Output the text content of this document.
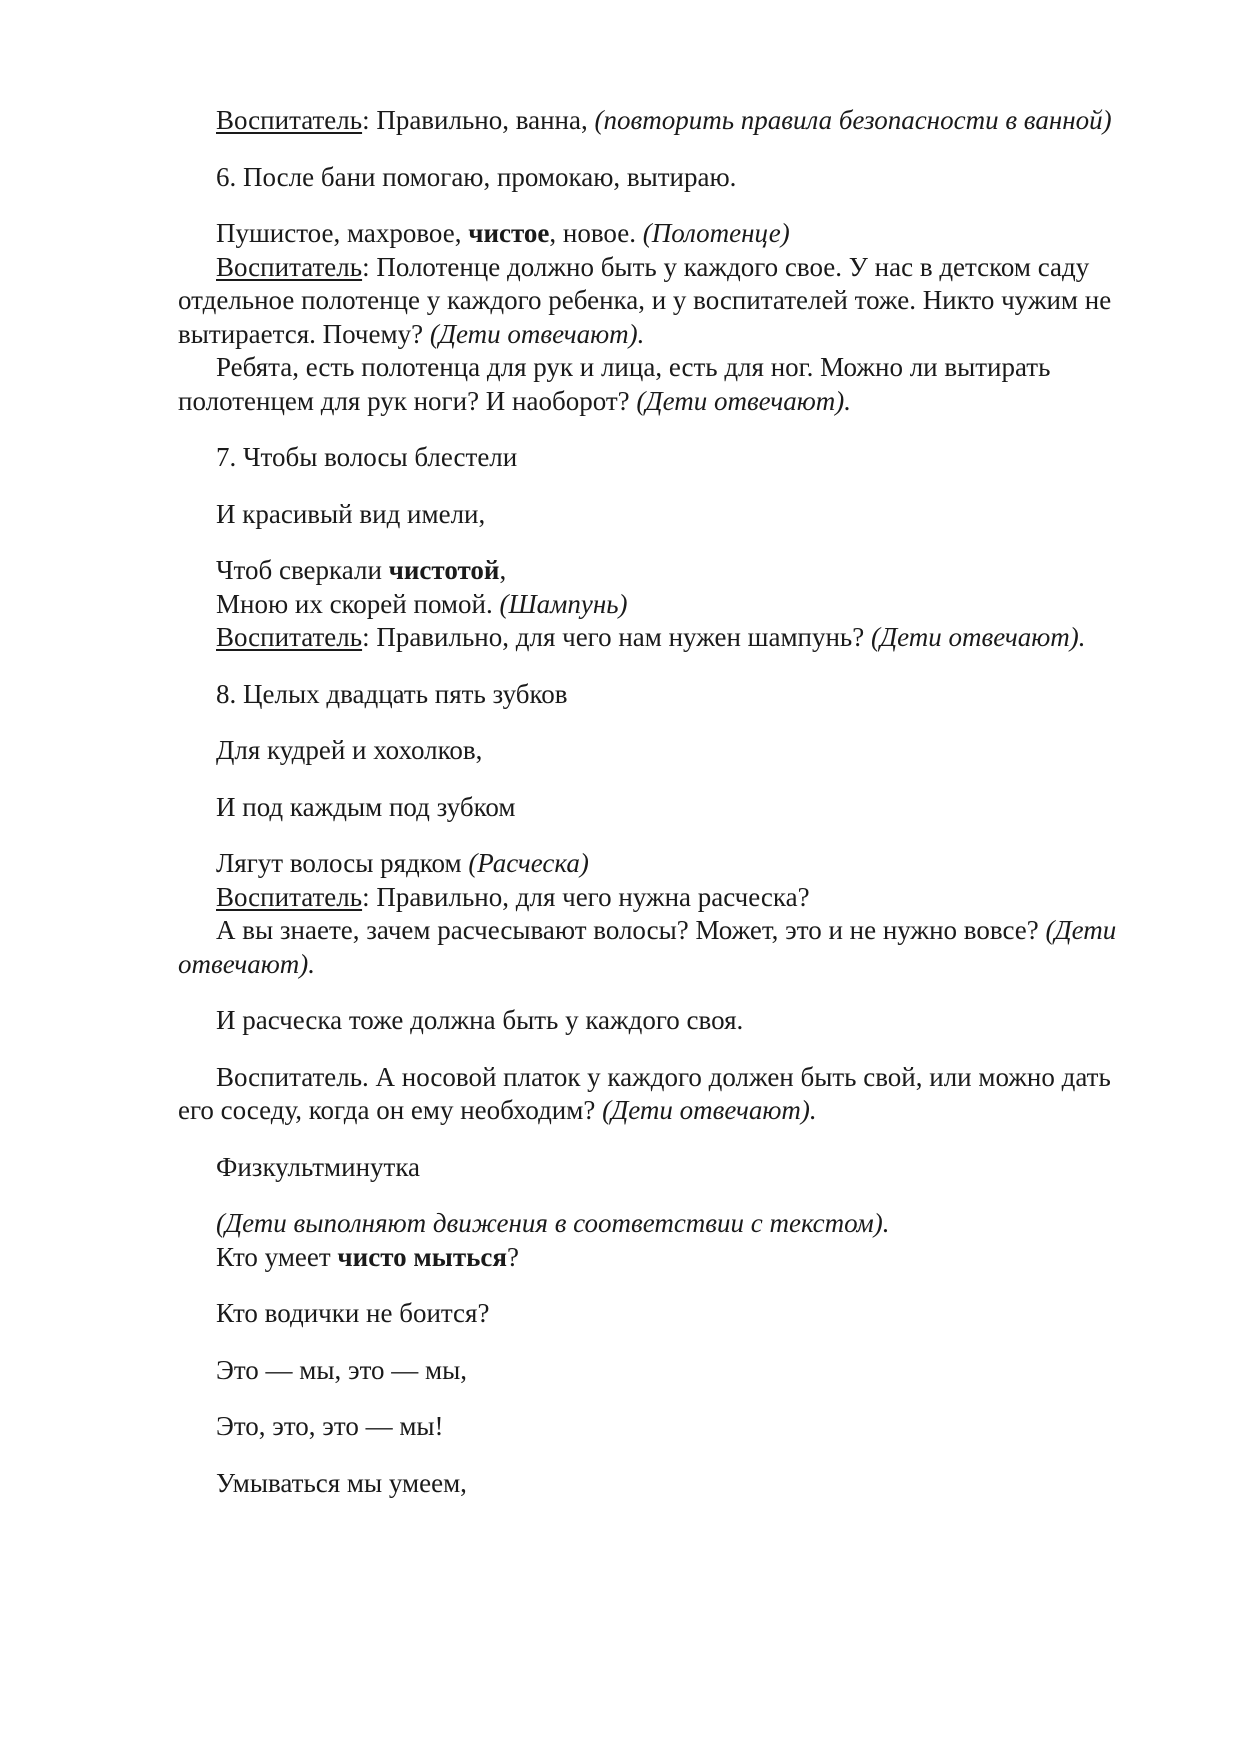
Воспитатель: Правильно, ванна, (повторить правила безопасности в ванной)

6. После бани помогаю, промокаю, вытираю.

Пушистое, махровое, чистое, новое. (Полотенце)

Воспитатель: Полотенце должно быть у каждого свое. У нас в детском саду отдельное полотенце у каждого ребенка, и у воспитателей тоже. Никто чужим не вытирается. Почему? (Дети отвечают).

Ребята, есть полотенца для рук и лица, есть для ног. Можно ли вытирать полотенцем для рук ноги? И наоборот? (Дети отвечают).

7. Чтобы волосы блестели

И красивый вид имели,

Чтоб сверкали чистотой,

Мною их скорей помой. (Шампунь)

Воспитатель: Правильно, для чего нам нужен шампунь? (Дети отвечают).

8. Целых двадцать пять зубков

Для кудрей и хохолков,

И под каждым под зубком

Лягут волосы рядком (Расческа)

Воспитатель: Правильно, для чего нужна расческа?

А вы знаете, зачем расчесывают волосы? Может, это и не нужно вовсе? (Дети отвечают).

И расческа тоже должна быть у каждого своя.

Воспитатель. А носовой платок у каждого должен быть свой, или можно дать его соседу, когда он ему необходим? (Дети отвечают).

Физкультминутка

(Дети выполняют движения в соответствии с текстом).

Кто умеет чисто мыться?

Кто водички не боится?

Это — мы, это — мы,

Это, это, это — мы!

Умываться мы умеем,
